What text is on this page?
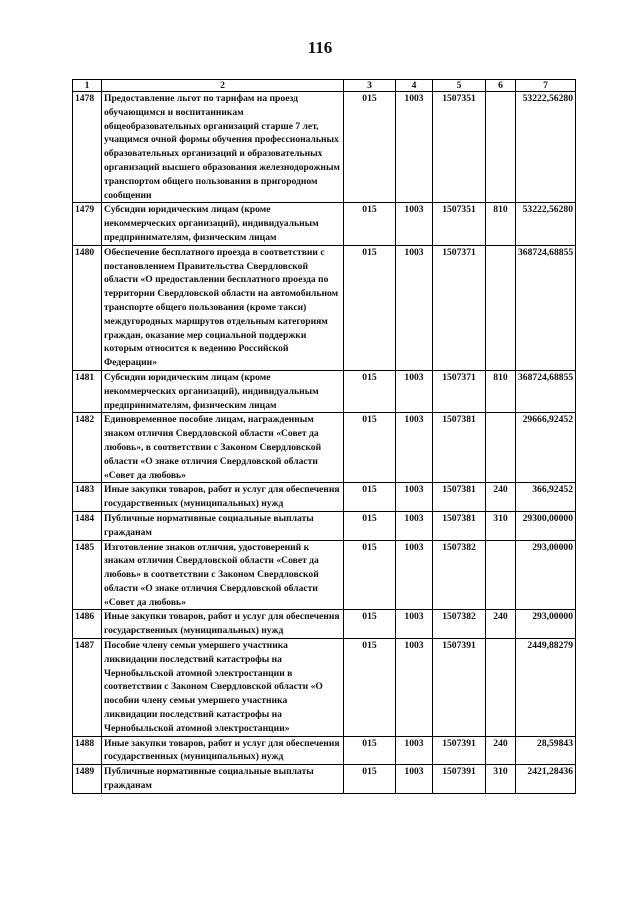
116
1	2	3	4	5	6	7
1478	Предоставление льгот по тарифам на проезд обучающимся и воспитанникам общеобразовательных организаций старше 7 лет, учащимся очной формы обучения профессиональных образовательных организаций и образовательных организаций высшего образования железнодорожным транспортом общего пользования в пригородном сообщении	015	1003	1507351		53222,56280
1479	Субсидии юридическим лицам (кроме некоммерческих организаций), индивидуальным предпринимателям, физическим лицам	015	1003	1507351	810	53222,56280
1480	Обеспечение бесплатного проезда в соответствии с постановлением Правительства Свердловской области «О предоставлении бесплатного проезда по территории Свердловской области на автомобильном транспорте общего пользования (кроме такси) междугородных маршрутов отдельным категориям граждан, оказание мер социальной поддержки которым относится к ведению Российской Федерации»	015	1003	1507371		368724,68855
1481	Субсидии юридическим лицам (кроме некоммерческих организаций), индивидуальным предпринимателям, физическим лицам	015	1003	1507371	810	368724,68855
1482	Единовременное пособие лицам, награжденным знаком отличия Свердловской области «Совет да любовь», в соответствии с Законом Свердловской области «О знаке отличия Свердловской области «Совет да любовь»	015	1003	1507381		29666,92452
1483	Иные закупки товаров, работ и услуг для обеспечения государственных (муниципальных) нужд	015	1003	1507381	240	366,92452
1484	Публичные нормативные социальные выплаты гражданам	015	1003	1507381	310	29300,00000
1485	Изготовление знаков отличия, удостоверений к знакам отличия Свердловской области «Совет да любовь» в соответствии с Законом Свердловской области «О знаке отличия Свердловской области «Совет да любовь»	015	1003	1507382		293,00000
1486	Иные закупки товаров, работ и услуг для обеспечения государственных (муниципальных) нужд	015	1003	1507382	240	293,00000
1487	Пособие члену семьи умершего участника ликвидации последствий катастрофы на Чернобыльской атомной электростанции в соответствии с Законом Свердловской области «О пособии члену семьи умершего участника ликвидации последствий катастрофы на Чернобыльской атомной электростанции»	015	1003	1507391		2449,88279
1488	Иные закупки товаров, работ и услуг для обеспечения государственных (муниципальных) нужд	015	1003	1507391	240	28,59843
1489	Публичные нормативные социальные выплаты гражданам	015	1003	1507391	310	2421,28436
